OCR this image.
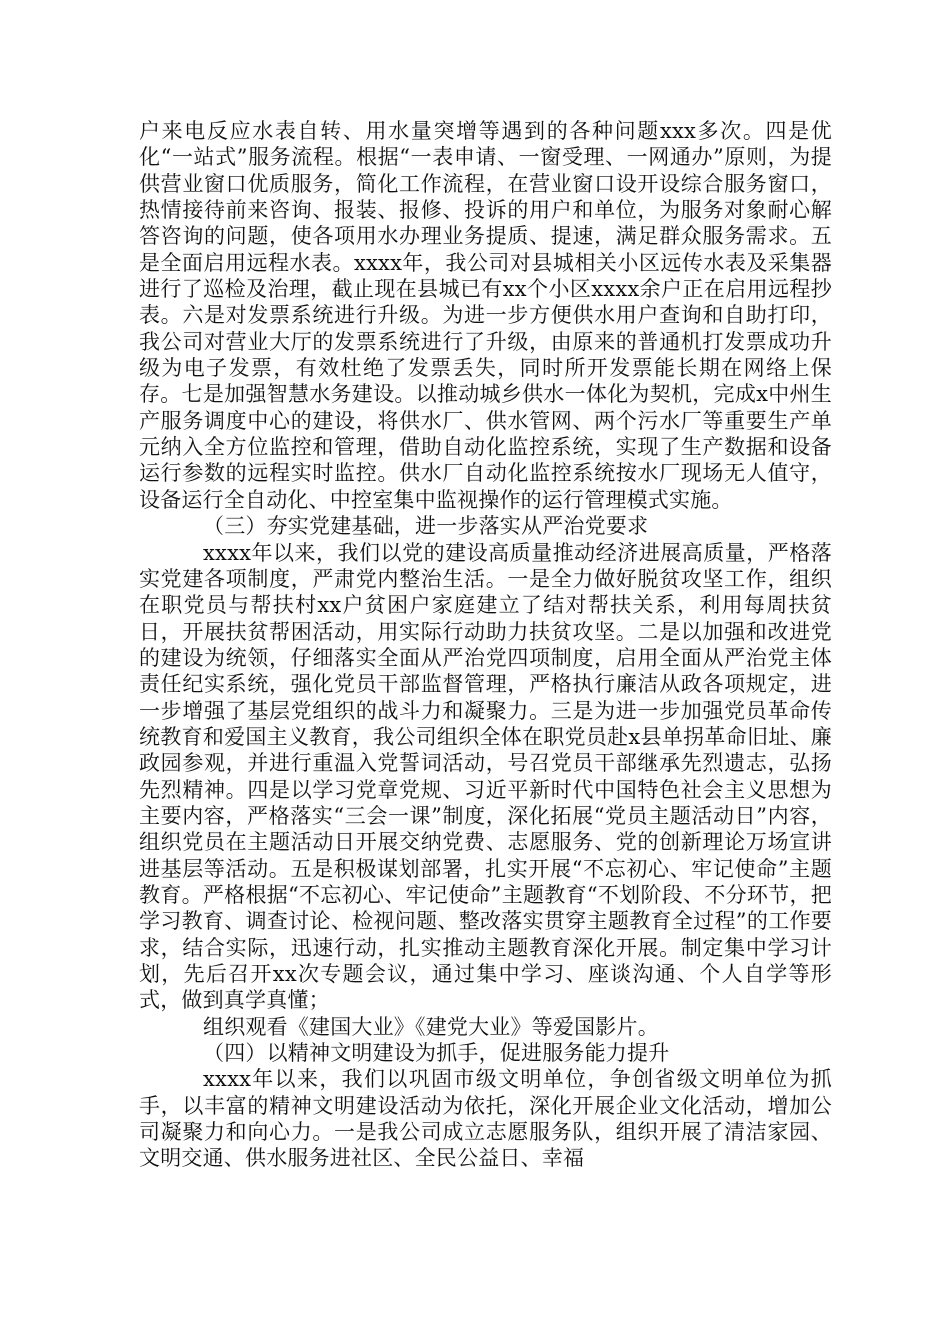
户来电反应水表自转、用水量突增等遇到的各种问题xxx多次。四是优化“一站式”服务流程。根据“一表申请、一窗受理、一网通办”原则，为提供营业窗口优质服务，简化工作流程，在营业窗口设开设综合服务窗口，热情接待前来咨询、报装、报修、投诉的用户和单位，为服务对象耐心解答咨询的问题，使各项用水办理业务提质、提速，满足群众服务需求。五是全面启用远程水表。xxxx年，我公司对县城相关小区远传水表及采集器进行了巡检及治理，截止现在县城已有xx个小区xxxx余户正在启用远程抄表。六是对发票系统进行升级。为进一步方便供水用户查询和自助打印，我公司对营业大厅的发票系统进行了升级，由原来的普通机打发票成功升级为电子发票，有效杜绝了发票丢失，同时所开发票能长期在网络上保存。七是加强智慧水务建设。以推动城乡供水一体化为契机，完成x中州生产服务调度中心的建设，将供水厂、供水管网、两个污水厂等重要生产单元纳入全方位监控和管理，借助自动化监控系统，实现了生产数据和设备运行参数的远程实时监控。供水厂自动化监控系统按水厂现场无人值守，设备运行全自动化、中控室集中监视操作的运行管理模式实施。

（三）夯实党建基础，进一步落实从严治党要求

xxxx年以来，我们以党的建设高质量推动经济进展高质量，严格落实党建各项制度，严肃党内整治生活。一是全力做好脱贫攻坚工作，组织在职党员与帮扶村xx户贫困户家庭建立了结对帮扶关系，利用每周扶贫日，开展扶贫帮困活动，用实际行动助力扶贫攻坚。二是以加强和改进党的建设为统领，仔细落实全面从严治党四项制度，启用全面从严治党主体责任纪实系统，强化党员干部监督管理，严格执行廉洁从政各项规定，进一步增强了基层党组织的战斗力和凝聚力。三是为进一步加强党员革命传统教育和爱国主义教育，我公司组织全体在职党员赴x县单拐革命旧址、廉政园参观，并进行重温入党誓词活动，号召党员干部继承先烈遗志，弘扬先烈精神。四是以学习党章党规、习近平新时代中国特色社会主义思想为主要内容，严格落实“三会一课”制度，深化拓展“党员主题活动日”内容，组织党员在主题活动日开展交纳党费、志愿服务、党的创新理论万场宣讲进基层等活动。五是积极谋划部署，扎实开展“不忘初心、牢记使命”主题教育。严格根据“不忘初心、牢记使命”主题教育“不划阶段、不分环节，把学习教育、调查讨论、检视问题、整改落实贯穿主题教育全过程”的工作要求，结合实际，迅速行动，扎实推动主题教育深化开展。制定集中学习计划，先后召开xx次专题会议，通过集中学习、座谈沟通、个人自学等形式，做到真学真懂；

组织观看《建国大业》《建党大业》等爱国影片。

（四）以精神文明建设为抓手，促进服务能力提升

xxxx年以来，我们以巩固市级文明单位，争创省级文明单位为抓手，以丰富的精神文明建设活动为依托，深化开展企业文化活动，增加公司凝聚力和向心力。一是我公司成立志愿服务队，组织开展了清洁家园、文明交通、供水服务进社区、全民公益日、幸福
